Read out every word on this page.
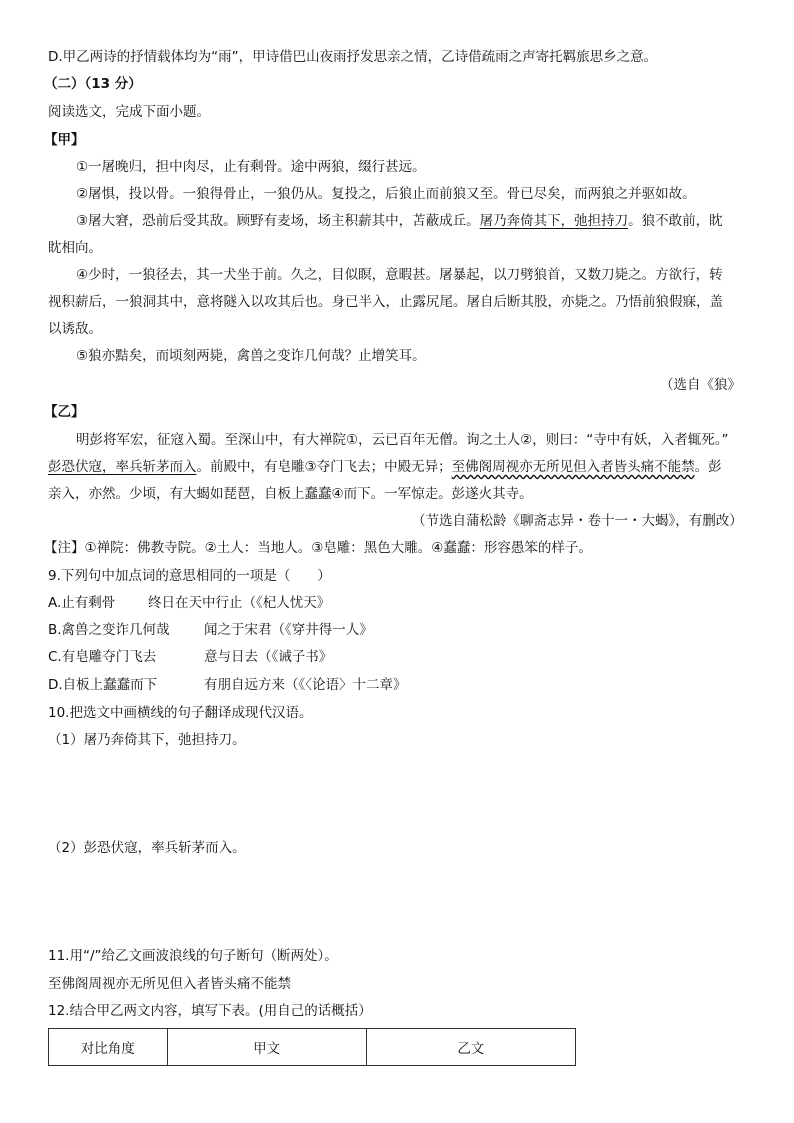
D.甲乙两诗的抒情载体均为“雨”，甲诗借巴山夜雨抒发思亲之情，乙诗借疏雨之声寄托羁旅思乡之意。
（二）（13 分）
阅读选文，完成下面小题。
【甲】
①一屠晚归，担中肉尽，止有剩骨。途中两狼，缀行甚远。
②屠惧，投以骨。一狼得骨止，一狼仍从。复投之，后狼止而前狼又至。骨已尽矣，而两狼之并驱如故。
③屠大窘，恐前后受其敌。顾野有麦场，场主积薪其中，苫蔽成丘。屠乃奔倚其下，弛担持刀。狼不敢前，眈
眈相向。
④少时，一狼径去，其一犬坐于前。久之，目似瞑，意暇甚。屠暴起，以刀劈狼首，又数刀毙之。方欲行，转
视积薪后，一狼洞其中，意将隧入以攻其后也。身已半入，止露尻尾。屠自后断其股，亦毙之。乃悟前狼假寐，盖
以诱敌。
⑤狼亦黠矣，而顷刻两毙，禽兽之变诈几何哉？止增笑耳。
（选自《狼》
【乙】
明彭将军宏，征寇入蜀。至深山中，有大禅院①，云已百年无僧。询之土人②，则曰：“寺中有妖，入者辄死。”
彭恐伏寇，率兵斩茅而入。前殿中，有皂雕③夺门飞去；中殿无异；至佛阁周视亦无所见但入者皆头痛不能禁。彭
亲入，亦然。少顷，有大蝎如琵琶，自板上蠢蠢④而下。一军惊走。彭遂火其寺。
（节选自蒲松龄《聊斋志异・卷十一・大蝎》，有删改）
【注】①禅院：佛教寺院。②土人：当地人。③皂雕：黑色大雕。④蠢蠢：形容愚笨的样子。
9.下列句中加点词的意思相同的一项是（　　）
A.止有剩骨 终日在天中行止（《杞人忧天》
B.禽兽之变诈几何哉	闻之于宋君（《穿井得一人》
C.有皂雕夺门飞去	意与日去（《诫子书》
D.自板上蠢蠢而下	有朋自远方来（《〈论语〉十二章》
10.把选文中画横线的句子翻译成现代汉语。
（1）屠乃奔倚其下，弛担持刀。
（2）彭恐伏寇，率兵斩茅而入。
11.用“/”给乙文画波浪线的句子断句（断两处）。
至佛阁周视亦无所见但入者皆头痛不能禁
12.结合甲乙两文内容，填写下表。(用自己的话概括）
对比角度	甲文	乙文
